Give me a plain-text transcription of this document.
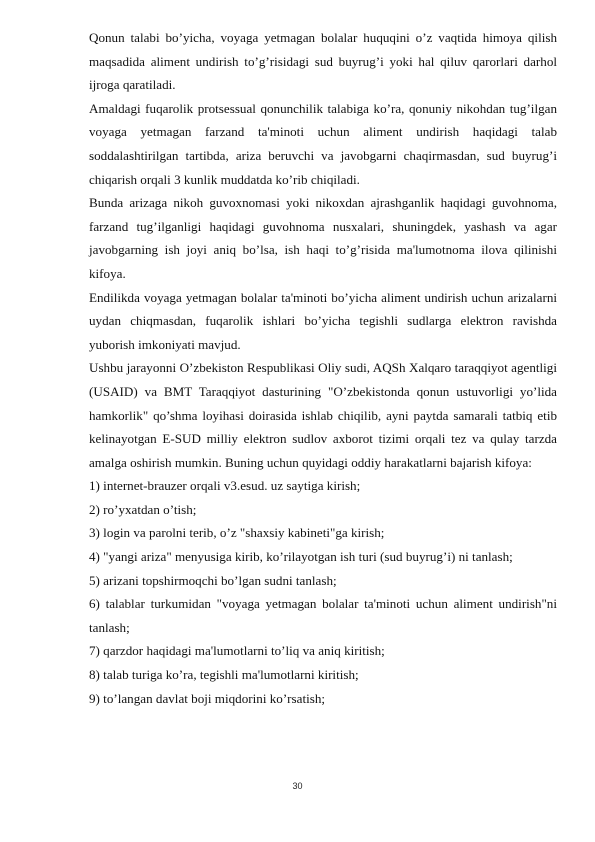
Qonun talabi bo’yicha, voyaga yetmagan bolalar huquqini o’z vaqtida himoya qilish maqsadida aliment undirish to’g’risidagi sud buyrug’i yoki hal qiluv qarorlari darhol ijroga qaratiladi.

Amaldagi fuqarolik protsessual qonunchilik talabiga ko’ra, qonuniy nikohdan tug’ilgan voyaga yetmagan farzand ta'minoti uchun aliment undirish haqidagi talab soddalashtirilgan tartibda, ariza beruvchi va javobgarni chaqirmasdan, sud buyrug’i chiqarish orqali 3 kunlik muddatda ko’rib chiqiladi.

Bunda arizaga nikoh guvoxnomasi yoki nikoxdan ajrashganlik haqidagi guvohnoma, farzand tug’ilganligi haqidagi guvohnoma nusxalari, shuningdek, yashash va agar javobgarning ish joyi aniq bo’lsa, ish haqi to’g’risida ma'lumotnoma ilova qilinishi kifoya.

Endilikda voyaga yetmagan bolalar ta'minoti bo’yicha aliment undirish uchun arizalarni uydan chiqmasdan, fuqarolik ishlari bo’yicha tegishli sudlarga elektron ravishda yuborish imkoniyati mavjud.

Ushbu jarayonni O’zbekiston Respublikasi Oliy sudi, AQSh Xalqaro taraqqiyot agentligi (USAID) va BMT Taraqqiyot dasturining "O’zbekistonda qonun ustuvorligi yo’lida hamkorlik" qo’shma loyihasi doirasida ishlab chiqilib, ayni paytda samarali tatbiq etib kelinayotgan E-SUD milliy elektron sudlov axborot tizimi orqali tez va qulay tarzda amalga oshirish mumkin. Buning uchun quyidagi oddiy harakatlarni bajarish kifoya:

1) internet-brauzer orqali v3.esud. uz saytiga kirish;

2) ro’yxatdan o’tish;

3) login va parolni terib, o’z "shaxsiy kabineti"ga kirish;

4) "yangi ariza" menyusiga kirib, ko’rilayotgan ish turi (sud buyrug’i) ni tanlash;

5) arizani topshirmoqchi bo’lgan sudni tanlash;

6) talablar turkumidan "voyaga yetmagan bolalar ta'minoti uchun aliment undirish"ni tanlash;

7) qarzdor haqidagi ma'lumotlarni to’liq va aniq kiritish;

8) talab turiga ko’ra, tegishli ma'lumotlarni kiritish;

9) to’langan davlat boji miqdorini ko’rsatish;

30
